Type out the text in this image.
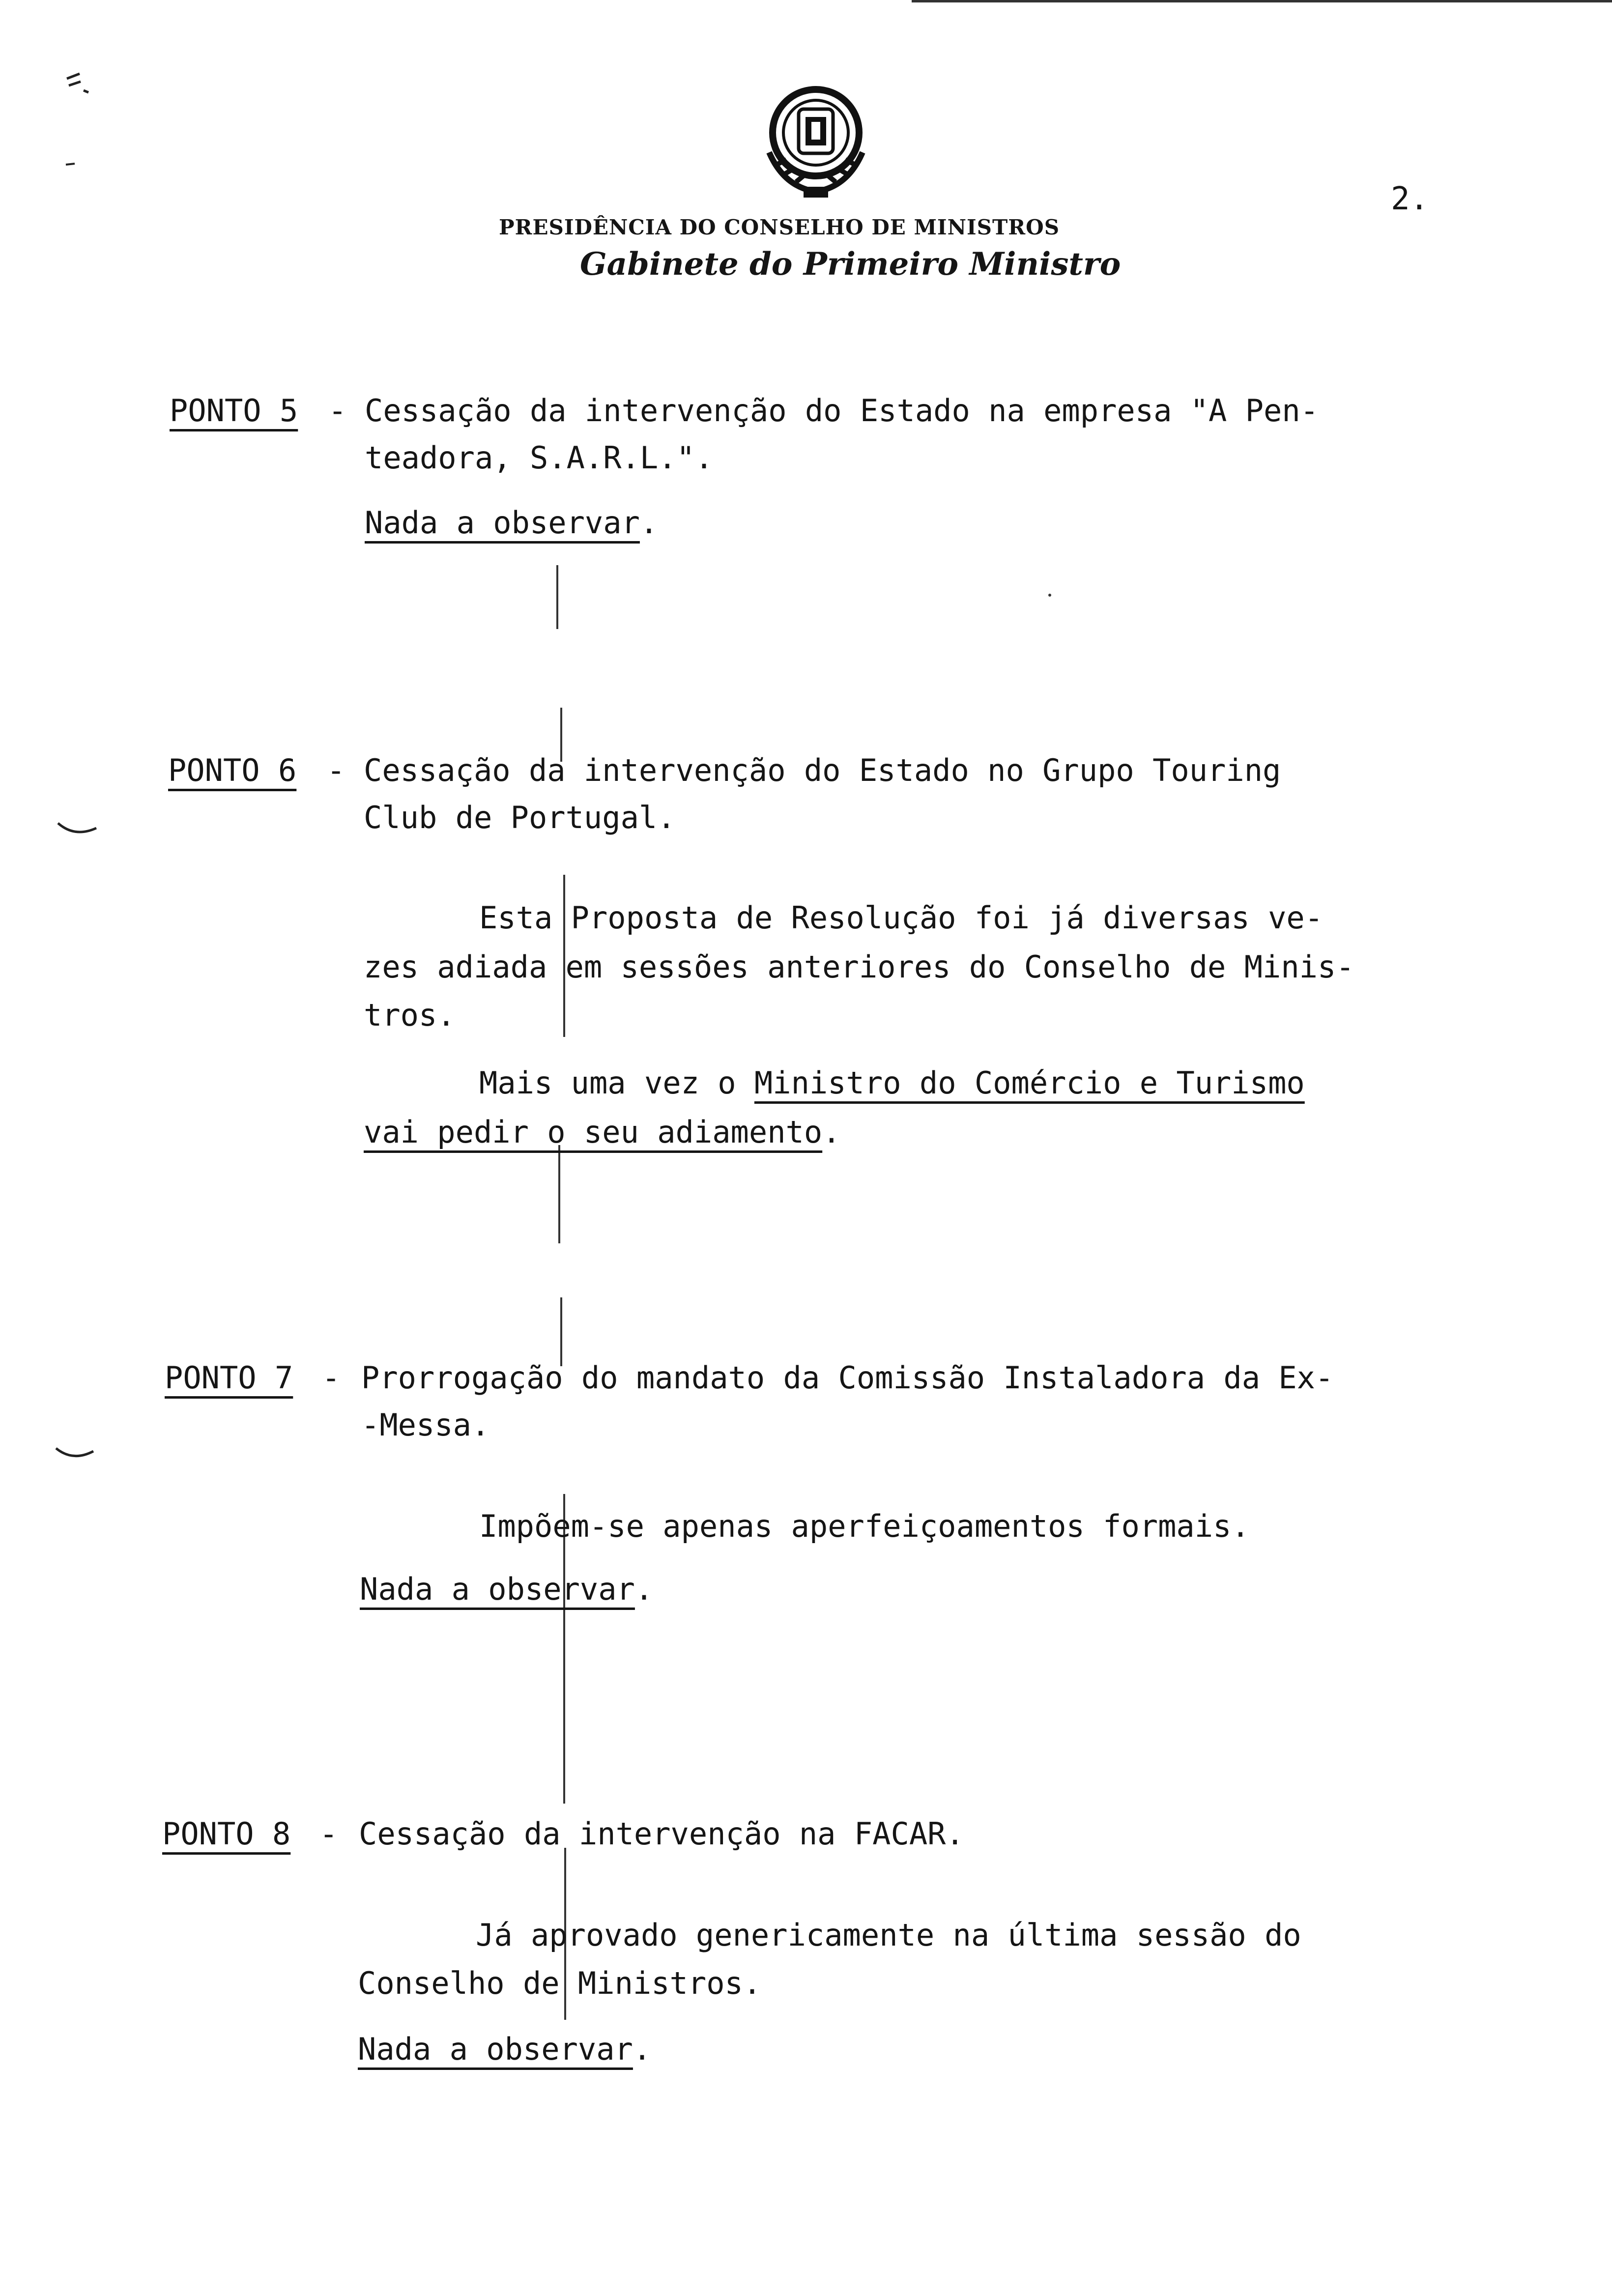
2.
PRESIDÊNCIA DO CONSELHO DE MINISTROS
Gabinete do Primeiro Ministro
PONTO 5 - Cessação da intervenção do Estado na empresa "A Pen-
teadora, S.A.R.L.".
Nada a observar.
PONTO 6 - Cessação da intervenção do Estado no Grupo Touring
Club de Portugal.
Esta Proposta de Resolução foi já diversas ve-
zes adiada em sessões anteriores do Conselho de Minis-
tros.
Mais uma vez o Ministro do Comércio e Turismo
vai pedir o seu adiamento.
PONTO 7 - Prorrogação do mandato da Comissão Instaladora da Ex-
-Messa.
Impõem-se apenas aperfeiçoamentos formais.
Nada a observar.
PONTO 8 - Cessação da intervenção na FACAR.
Já aprovado genericamente na última sessão do
Conselho de Ministros.
Nada a observar.
